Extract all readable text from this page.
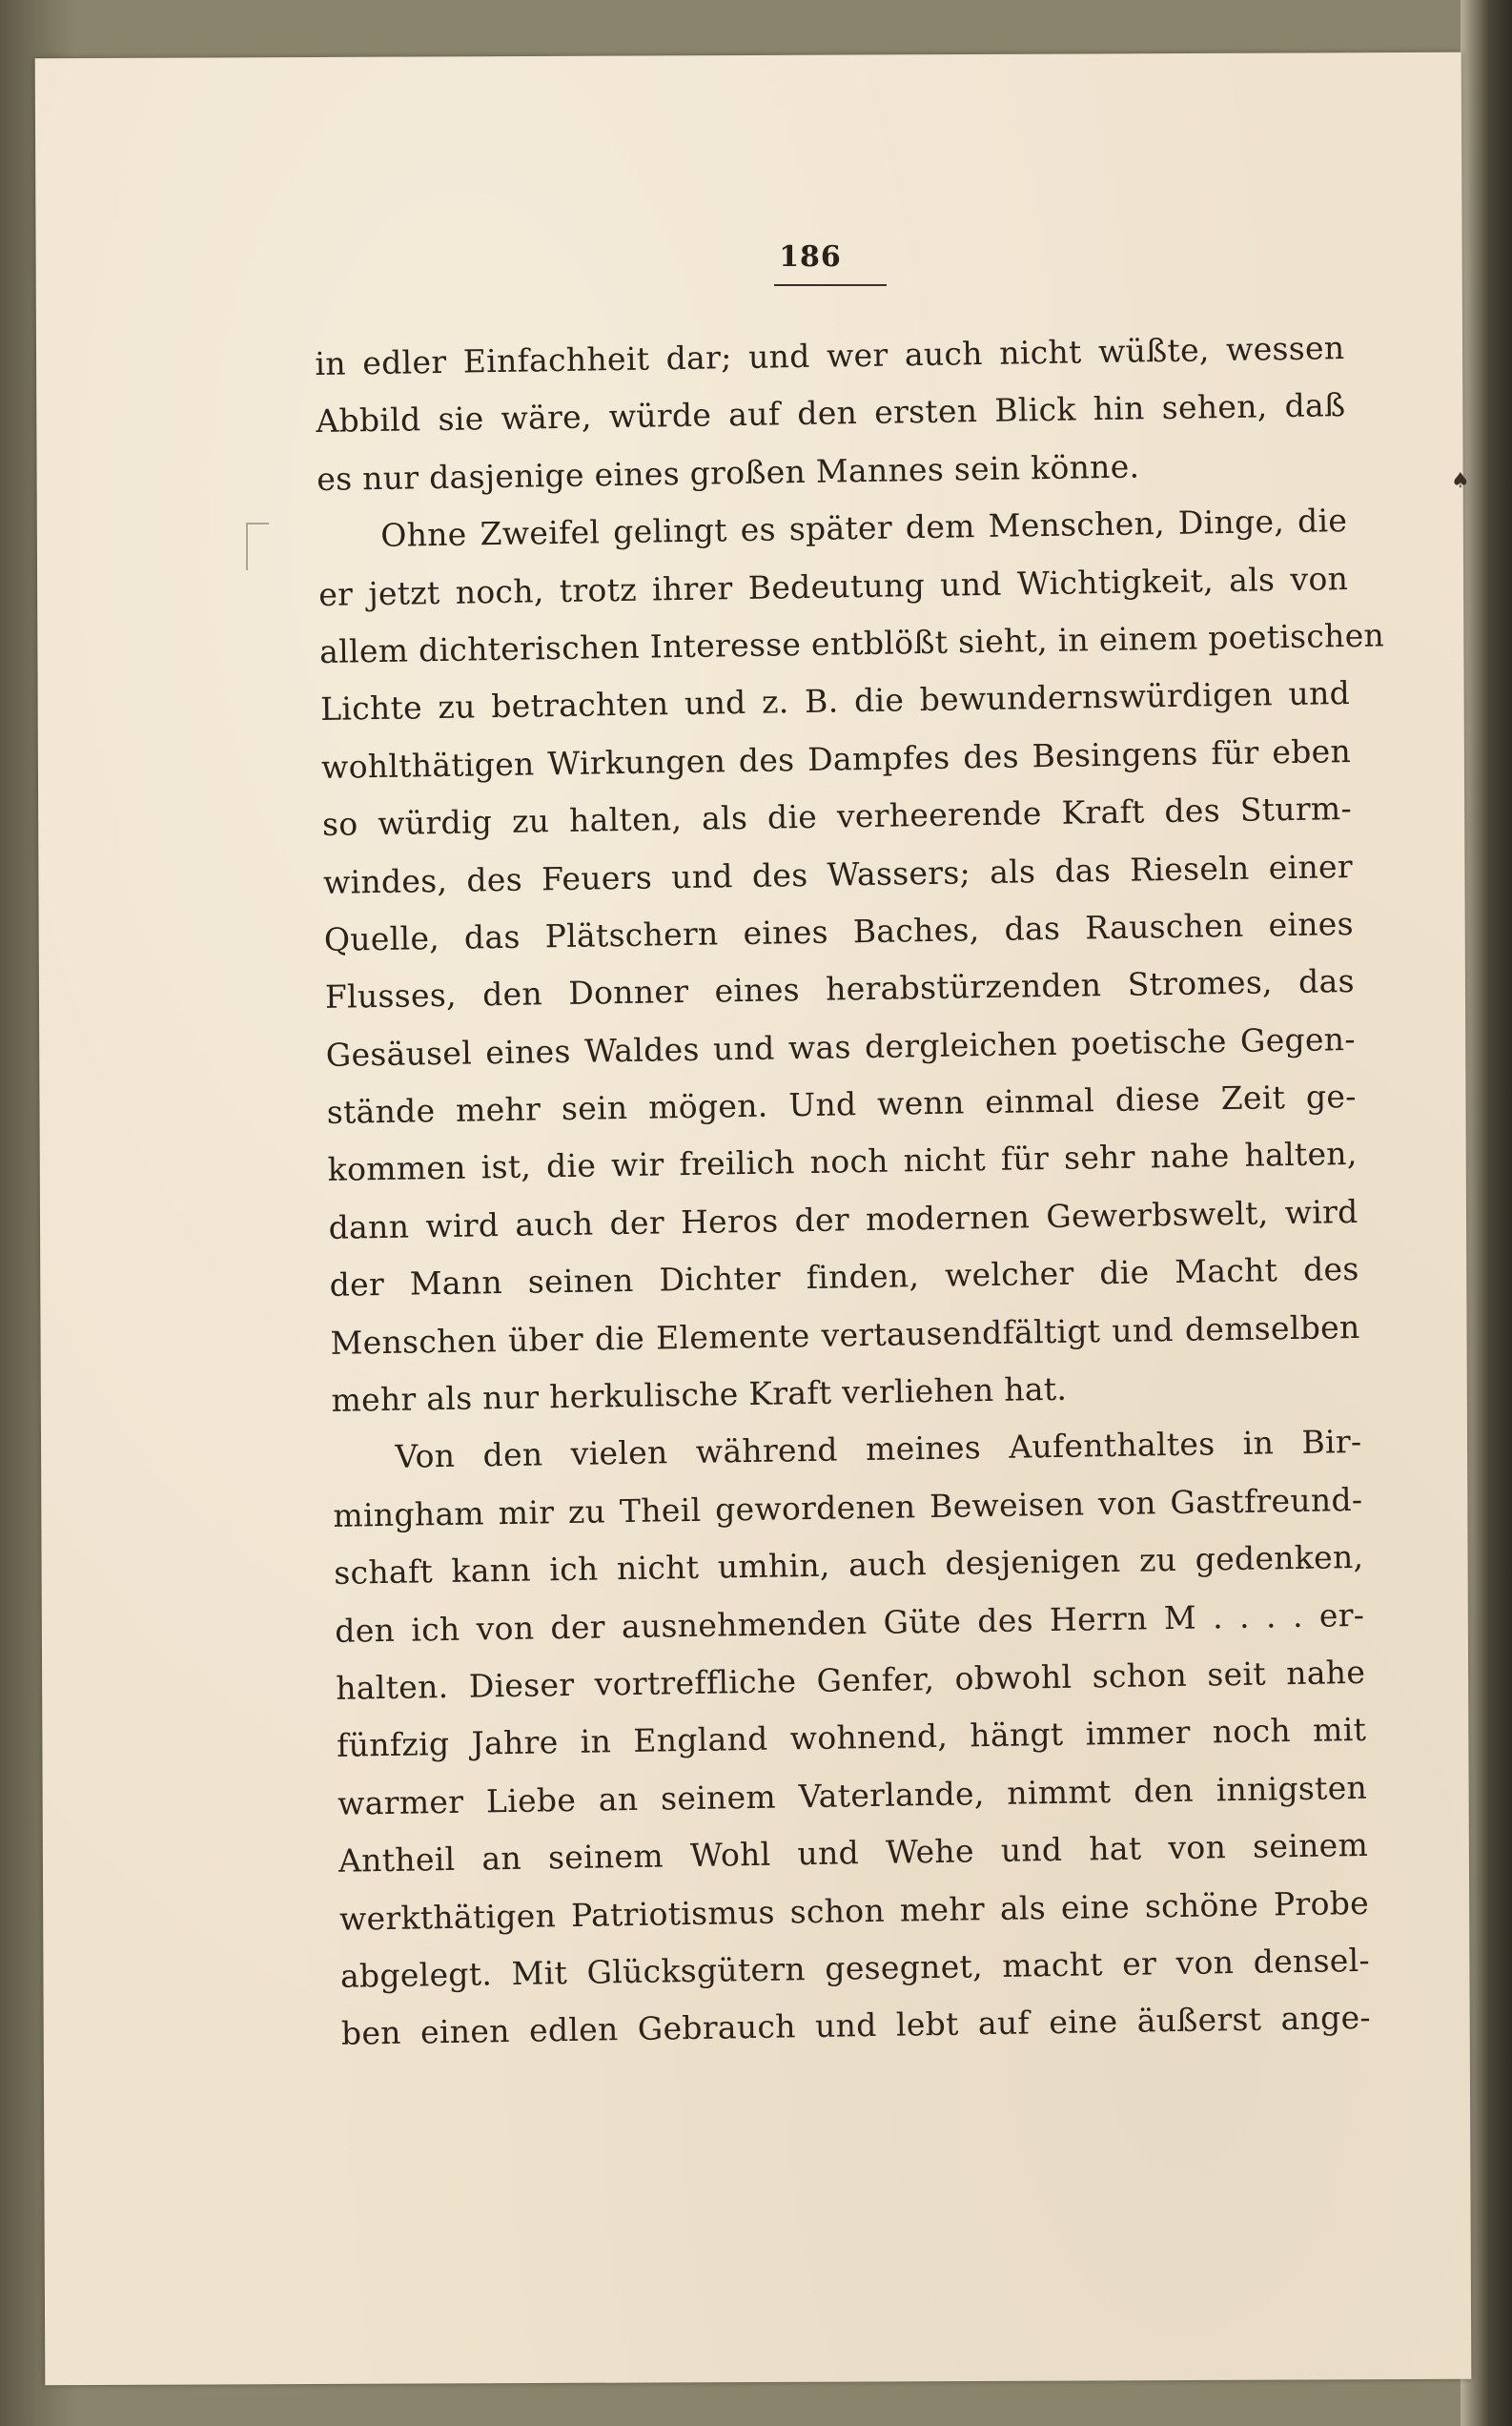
186
♠
in edler Einfachheit dar; und wer auch nicht wüßte, wessen
Abbild sie wäre, würde auf den ersten Blick hin sehen, daß
es nur dasjenige eines großen Mannes sein könne.
Ohne Zweifel gelingt es später dem Menschen, Dinge, die
er jetzt noch, trotz ihrer Bedeutung und Wichtigkeit, als von
allem dichterischen Interesse entblößt sieht, in einem poetischen
Lichte zu betrachten und z. B. die bewundernswürdigen und
wohlthätigen Wirkungen des Dampfes des Besingens für eben
so würdig zu halten, als die verheerende Kraft des Sturm-
windes, des Feuers und des Wassers; als das Rieseln einer
Quelle, das Plätschern eines Baches, das Rauschen eines
Flusses, den Donner eines herabstürzenden Stromes, das
Gesäusel eines Waldes und was dergleichen poetische Gegen-
stände mehr sein mögen. Und wenn einmal diese Zeit ge-
kommen ist, die wir freilich noch nicht für sehr nahe halten,
dann wird auch der Heros der modernen Gewerbswelt, wird
der Mann seinen Dichter finden, welcher die Macht des
Menschen über die Elemente vertausendfältigt und demselben
mehr als nur herkulische Kraft verliehen hat.
Von den vielen während meines Aufenthaltes in Bir-
mingham mir zu Theil gewordenen Beweisen von Gastfreund-
schaft kann ich nicht umhin, auch desjenigen zu gedenken,
den ich von der ausnehmenden Güte des Herrn M . . . . er-
halten. Dieser vortreffliche Genfer, obwohl schon seit nahe
fünfzig Jahre in England wohnend, hängt immer noch mit
warmer Liebe an seinem Vaterlande, nimmt den innigsten
Antheil an seinem Wohl und Wehe und hat von seinem
werkthätigen Patriotismus schon mehr als eine schöne Probe
abgelegt. Mit Glücksgütern gesegnet, macht er von densel-
ben einen edlen Gebrauch und lebt auf eine äußerst ange-
